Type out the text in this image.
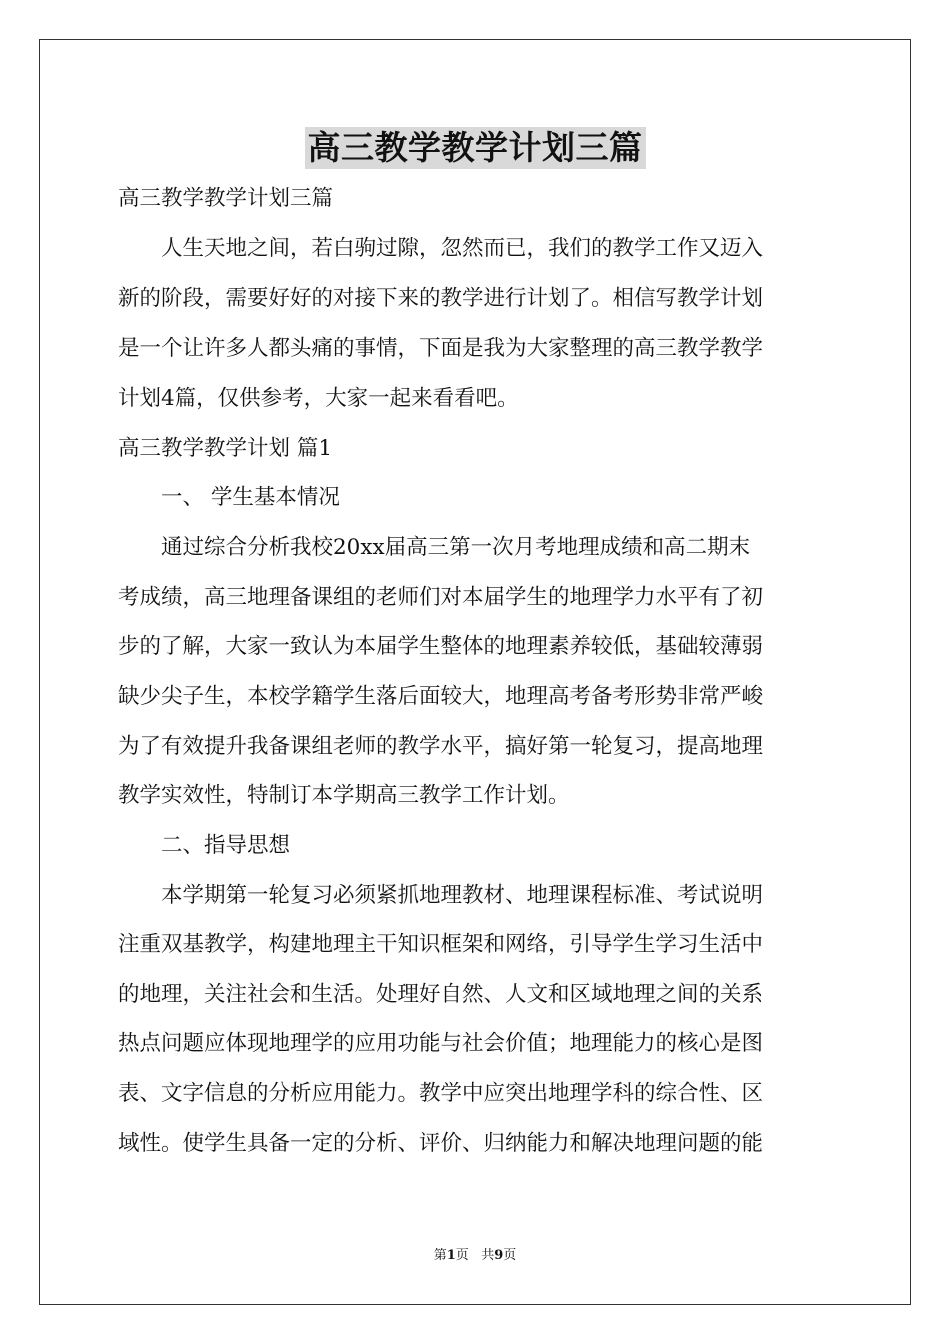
高三教学教学计划三篇
高三教学教学计划三篇
　　人生天地之间，若白驹过隙，忽然而已，我们的教学工作又迈入
新的阶段，需要好好的对接下来的教学进行计划了。相信写教学计划
是一个让许多人都头痛的事情，下面是我为大家整理的高三教学教学
计划4篇，仅供参考，大家一起来看看吧。
高三教学教学计划 篇1
　　一、 学生基本情况
　　通过综合分析我校20xx届高三第一次月考地理成绩和高二期末
考成绩，高三地理备课组的老师们对本届学生的地理学力水平有了初
步的了解，大家一致认为本届学生整体的地理素养较低，基础较薄弱
缺少尖子生，本校学籍学生落后面较大，地理高考备考形势非常严峻
为了有效提升我备课组老师的教学水平，搞好第一轮复习，提高地理
教学实效性，特制订本学期高三教学工作计划。
　　二、指导思想
　　本学期第一轮复习必须紧抓地理教材、地理课程标准、考试说明
注重双基教学，构建地理主干知识框架和网络，引导学生学习生活中
的地理，关注社会和生活。处理好自然、人文和区域地理之间的关系
热点问题应体现地理学的应用功能与社会价值；地理能力的核心是图
表、文字信息的分析应用能力。教学中应突出地理学科的综合性、区
域性。使学生具备一定的分析、评价、归纳能力和解决地理问题的能
第1页 共9页
